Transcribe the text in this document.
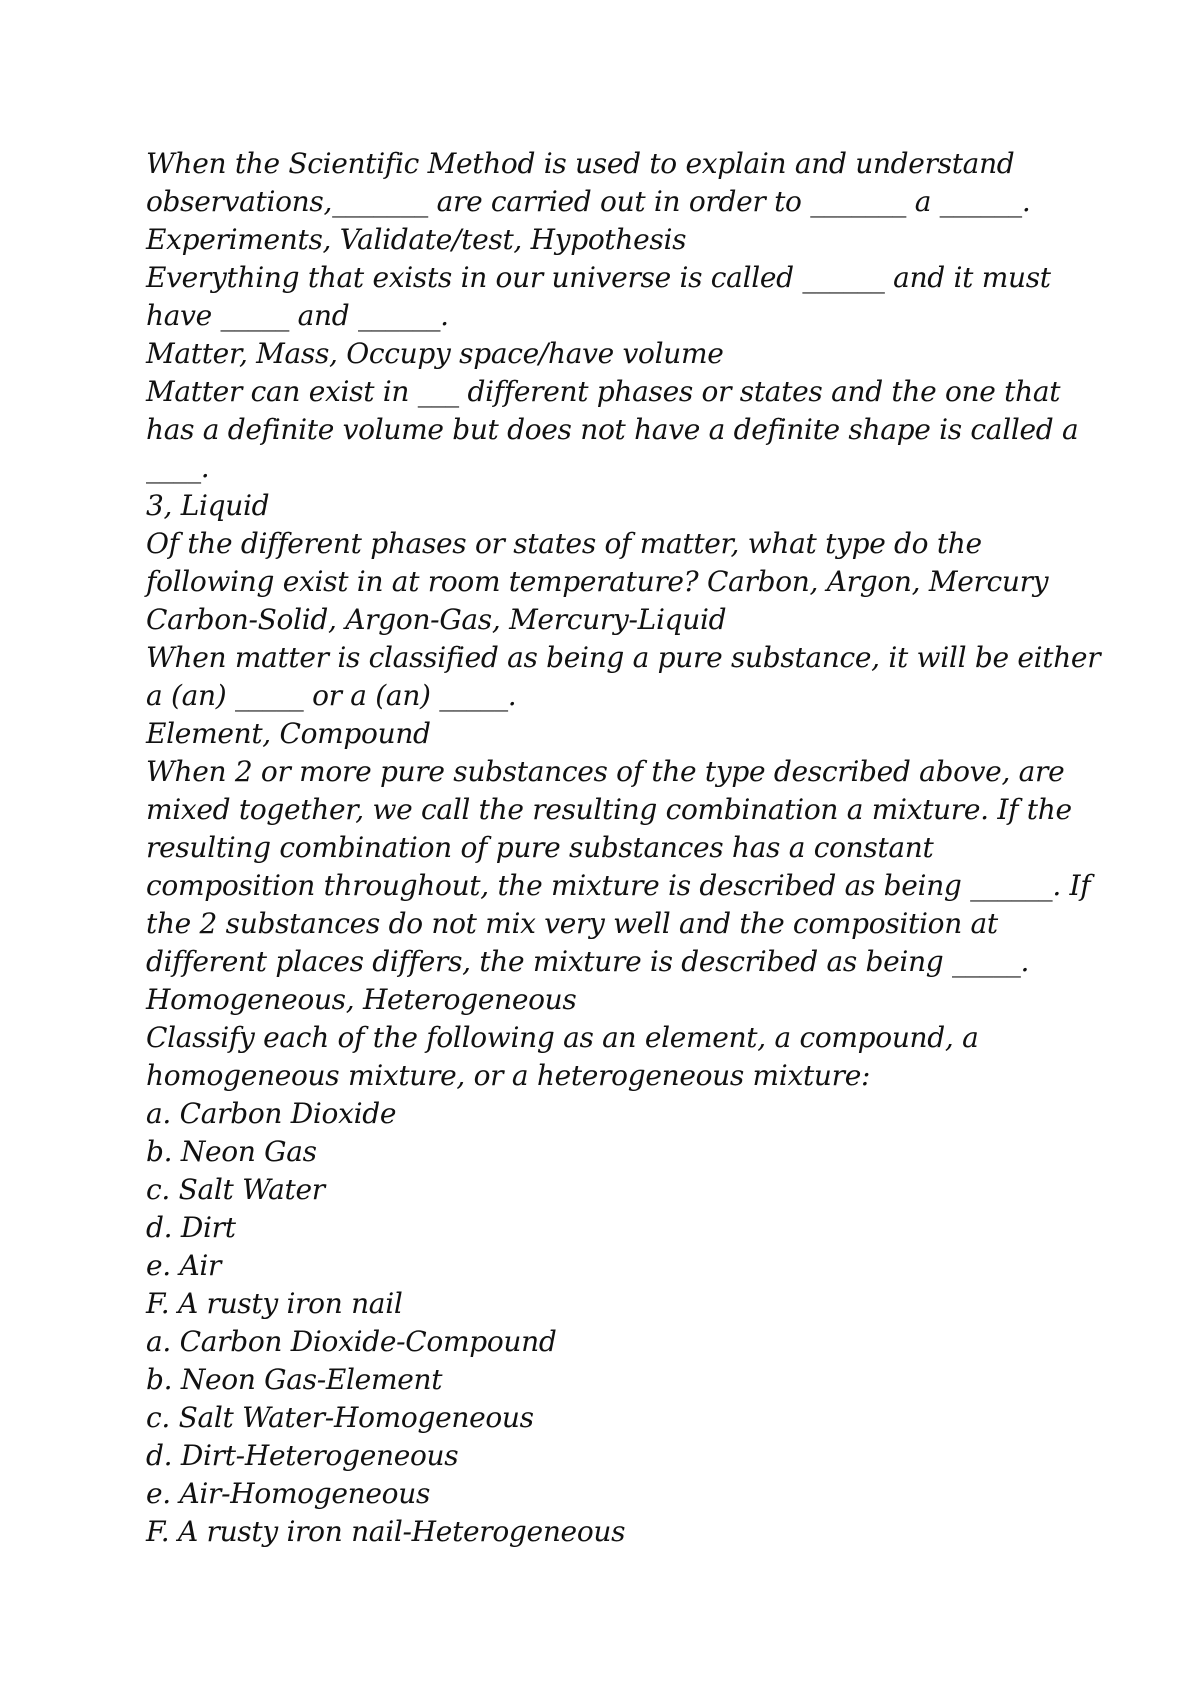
When the Scientific Method is used to explain and understand
observations,_______ are carried out in order to _______ a ______.
Experiments, Validate/test, Hypothesis
Everything that exists in our universe is called ______ and it must
have _____ and ______.
Matter, Mass, Occupy space/have volume
Matter can exist in ___ different phases or states and the one that
has a definite volume but does not have a definite shape is called a
____.
3, Liquid
Of the different phases or states of matter, what type do the
following exist in at room temperature? Carbon, Argon, Mercury
Carbon-Solid, Argon-Gas, Mercury-Liquid
When matter is classified as being a pure substance, it will be either
a (an) _____ or a (an) _____.
Element, Compound
When 2 or more pure substances of the type described above, are
mixed together, we call the resulting combination a mixture. If the
resulting combination of pure substances has a constant
composition throughout, the mixture is described as being ______. If
the 2 substances do not mix very well and the composition at
different places differs, the mixture is described as being _____.
Homogeneous, Heterogeneous
Classify each of the following as an element, a compound, a
homogeneous mixture, or a heterogeneous mixture:
a. Carbon Dioxide
b. Neon Gas
c. Salt Water
d. Dirt
e. Air
F. A rusty iron nail
a. Carbon Dioxide-Compound
b. Neon Gas-Element
c. Salt Water-Homogeneous
d. Dirt-Heterogeneous
e. Air-Homogeneous
F. A rusty iron nail-Heterogeneous
